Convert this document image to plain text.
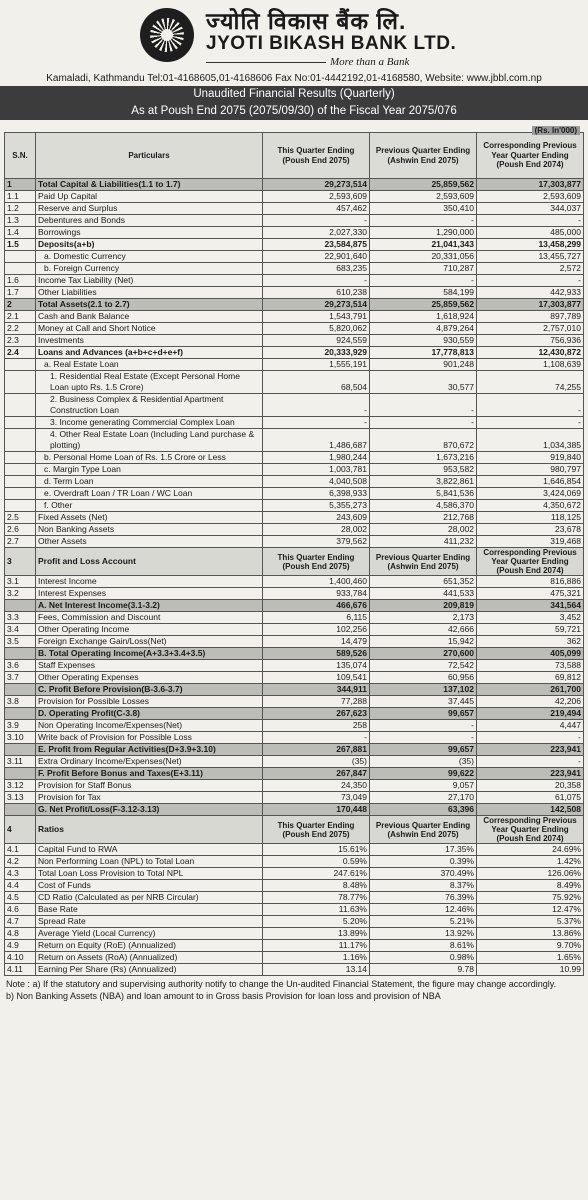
ज्योति विकास बैंक लि.
JYOTI BIKASH BANK LTD.
More than a Bank
Kamaladi, Kathmandu Tel:01-4168605,01-4168606 Fax No:01-4442192,01-4168580, Website: www.jbbl.com.np
Unaudited Financial Results (Quarterly)
As at Poush End 2075 (2075/09/30) of the Fiscal Year 2075/076
(Rs. In'000)
S.N.	Particulars	This Quarter Ending (Poush End 2075)	Previous Quarter Ending (Ashwin End 2075)	Corresponding Previous Year Quarter Ending (Poush End 2074)
1	Total Capital & Liabilities(1.1 to 1.7)	29,273,514	25,859,562	17,303,877
1.1	Paid Up Capital	2,593,609	2,593,609	2,593,609
1.2	Reserve and Surplus	457,462	350,410	344,037
1.3	Debentures and Bonds	-	-	-
1.4	Borrowings	2,027,330	1,290,000	485,000
1.5	Deposits(a+b)	23,584,875	21,041,343	13,458,299
	a. Domestic Currency	22,901,640	20,331,056	13,455,727
	b. Foreign Currency	683,235	710,287	2,572
1.6	Income Tax Liability (Net)	-	-	-
1.7	Other Liabilities	610,238	584,199	442,933
2	Total Assets(2.1 to 2.7)	29,273,514	25,859,562	17,303,877
2.1	Cash and Bank Balance	1,543,791	1,618,924	897,789
2.2	Money at Call and Short Notice	5,820,062	4,879,264	2,757,010
2.3	Investments	924,559	930,559	756,936
2.4	Loans and Advances (a+b+c+d+e+f)	20,333,929	17,778,813	12,430,872
	a. Real Estate Loan	1,555,191	901,248	1,108,639
	1. Residential Real Estate (Except Personal Home Loan upto Rs. 1.5 Crore)	68,504	30,577	74,255
	2. Business Complex & Residential Apartment Construction Loan	-	-	-
	3. Income generating Commercial Complex Loan	-	-	-
	4. Other Real Estate Loan (Including Land purchase & plotting)	1,486,687	870,672	1,034,385
	b. Personal Home Loan of Rs. 1.5 Crore or Less	1,980,244	1,673,216	919,840
	c. Margin Type Loan	1,003,781	953,582	980,797
	d. Term Loan	4,040,508	3,822,861	1,646,854
	e. Overdraft Loan / TR Loan / WC Loan	6,398,933	5,841,536	3,424,069
	f. Other	5,355,273	4,586,370	4,350,672
2.5	Fixed Assets (Net)	243,609	212,768	118,125
2.6	Non Banking Assets	28,002	28,002	23,678
2.7	Other Assets	379,562	411,232	319,468
3	Profit and Loss Account	This Quarter Ending (Poush End 2075)	Previous Quarter Ending (Ashwin End 2075)	Corresponding Previous Year Quarter Ending (Poush End 2074)
3.1	Interest Income	1,400,460	651,352	816,886
3.2	Interest Expenses	933,784	441,533	475,321
	A. Net Interest Income(3.1-3.2)	466,676	209,819	341,564
3.3	Fees, Commission and Discount	6,115	2,173	3,452
3.4	Other Operating Income	102,256	42,666	59,721
3.5	Foreign Exchange Gain/Loss(Net)	14,479	15,942	362
	B. Total Operating Income(A+3.3+3.4+3.5)	589,526	270,600	405,099
3.6	Staff Expenses	135,074	72,542	73,588
3.7	Other Operating Expenses	109,541	60,956	69,812
	C. Profit Before Provision(B-3.6-3.7)	344,911	137,102	261,700
3.8	Provision for Possible Losses	77,288	37,445	42,206
	D. Operating Profit(C-3.8)	267,623	99,657	219,494
3.9	Non Operating Income/Expenses(Net)	258	-	4,447
3.10	Write back of Provision for Possible Loss	-	-	-
	E. Profit from Regular Activities(D+3.9+3.10)	267,881	99,657	223,941
3.11	Extra Ordinary Income/Expenses(Net)	(35)	(35)	-
	F. Profit Before Bonus and Taxes(E+3.11)	267,847	99,622	223,941
3.12	Provision for Staff Bonus	24,350	9,057	20,358
3.13	Provision for Tax	73,049	27,170	61,075
	G. Net Profit/Loss(F-3.12-3.13)	170,448	63,396	142,508
4	Ratios	This Quarter Ending (Poush End 2075)	Previous Quarter Ending (Ashwin End 2075)	Corresponding Previous Year Quarter Ending (Poush End 2074)
4.1	Capital Fund to RWA	15.61%	17.35%	24.69%
4.2	Non Performing Loan (NPL) to Total Loan	0.59%	0.39%	1.42%
4.3	Total Loan Loss Provision to Total NPL	247.61%	370.49%	126.06%
4.4	Cost of Funds	8.48%	8.37%	8.49%
4.5	CD Ratio (Calculated as per NRB Circular)	78.77%	76.39%	75.92%
4.6	Base Rate	11.63%	12.46%	12.47%
4.7	Spread Rate	5.20%	5.21%	5.37%
4.8	Average Yield (Local Currency)	13.89%	13.92%	13.86%
4.9	Return on Equity (RoE) (Annualized)	11.17%	8.61%	9.70%
4.10	Return on Assets (RoA) (Annualized)	1.16%	0.98%	1.65%
4.11	Earning Per Share (Rs) (Annualized)	13.14	9.78	10.99
Note : a) If the statutory and supervising authority notify to change the Un-audited Financial Statement, the figure may change accordingly.
b) Non Banking Assets (NBA) and loan amount to in Gross basis Provision for loan loss and provision of NBA
